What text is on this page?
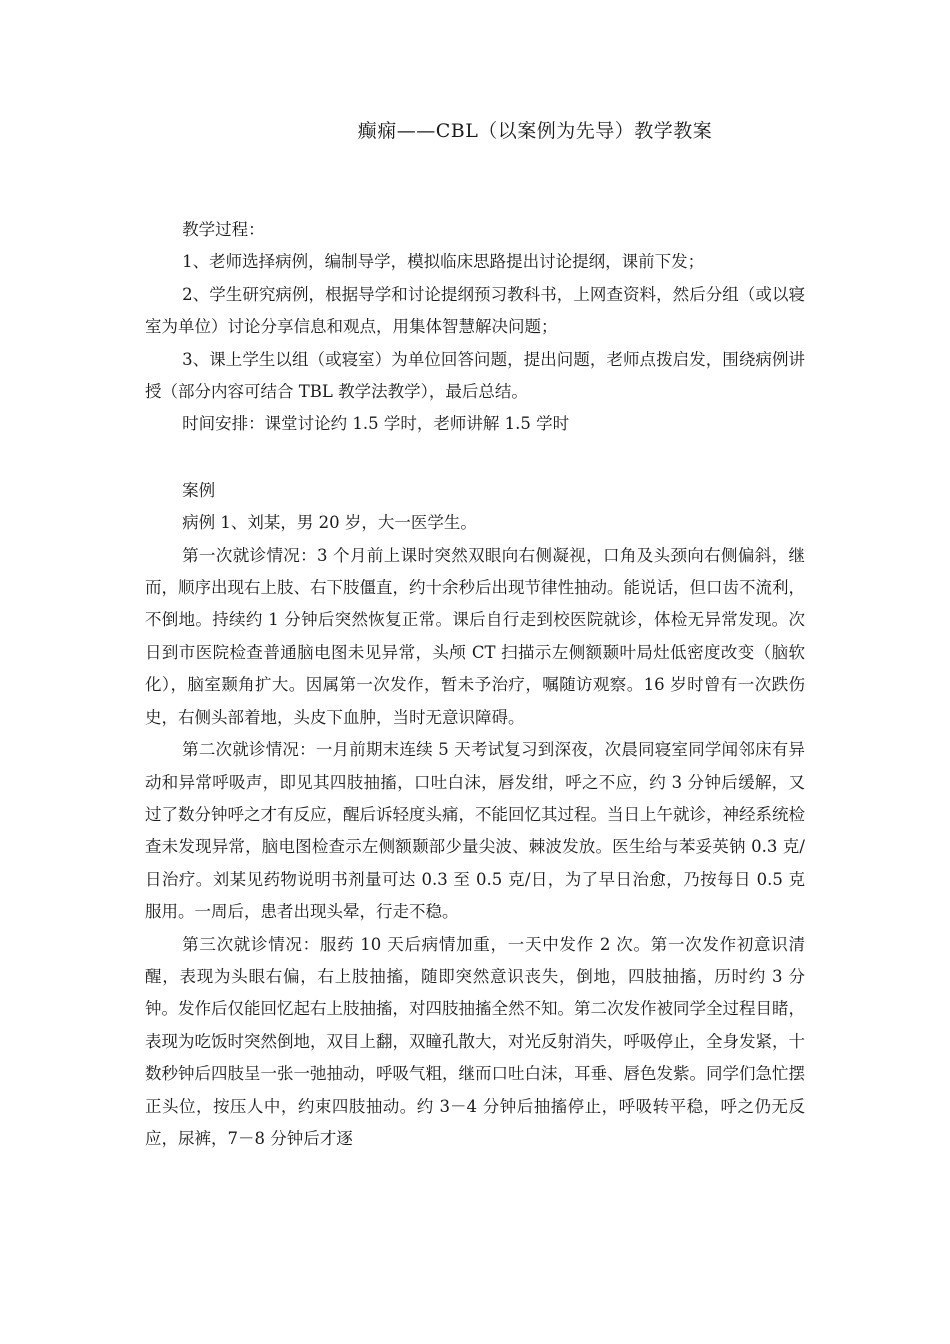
癫痫——CBL（以案例为先导）教学教案

教学过程：

1、老师选择病例，编制导学，模拟临床思路提出讨论提纲，课前下发；

2、学生研究病例，根据导学和讨论提纲预习教科书，上网查资料，然后分组（或以寝室为单位）讨论分享信息和观点，用集体智慧解决问题；

3、课上学生以组（或寝室）为单位回答问题，提出问题，老师点拨启发，围绕病例讲授（部分内容可结合 TBL 教学法教学），最后总结。

时间安排：课堂讨论约 1.5 学时，老师讲解 1.5 学时

案例

病例 1、刘某，男 20 岁，大一医学生。

第一次就诊情况：3 个月前上课时突然双眼向右侧凝视，口角及头颈向右侧偏斜，继而，顺序出现右上肢、右下肢僵直，约十余秒后出现节律性抽动。能说话，但口齿不流利，不倒地。持续约 1 分钟后突然恢复正常。课后自行走到校医院就诊，体检无异常发现。次日到市医院检查普通脑电图未见异常，头颅 CT 扫描示左侧额颞叶局灶低密度改变（脑软化），脑室颞角扩大。因属第一次发作，暂未予治疗，嘱随访观察。16 岁时曾有一次跌伤史，右侧头部着地，头皮下血肿，当时无意识障碍。

第二次就诊情况：一月前期末连续 5 天考试复习到深夜，次晨同寝室同学闻邻床有异动和异常呼吸声，即见其四肢抽搐，口吐白沫，唇发绀，呼之不应，约 3 分钟后缓解，又过了数分钟呼之才有反应，醒后诉轻度头痛，不能回忆其过程。当日上午就诊，神经系统检查未发现异常，脑电图检查示左侧额颞部少量尖波、棘波发放。医生给与苯妥英钠 0.3 克/日治疗。刘某见药物说明书剂量可达 0.3 至 0.5 克/日，为了早日治愈，乃按每日 0.5 克服用。一周后，患者出现头晕，行走不稳。

第三次就诊情况：服药 10 天后病情加重，一天中发作 2 次。第一次发作初意识清醒，表现为头眼右偏，右上肢抽搐，随即突然意识丧失，倒地，四肢抽搐，历时约 3 分钟。发作后仅能回忆起右上肢抽搐，对四肢抽搐全然不知。第二次发作被同学全过程目睹，表现为吃饭时突然倒地，双目上翻，双瞳孔散大，对光反射消失，呼吸停止，全身发紧，十数秒钟后四肢呈一张一弛抽动，呼吸气粗，继而口吐白沫，耳垂、唇色发紫。同学们急忙摆正头位，按压人中，约束四肢抽动。约 3－4 分钟后抽搐停止，呼吸转平稳，呼之仍无反应，尿裤，7－8 分钟后才逐
